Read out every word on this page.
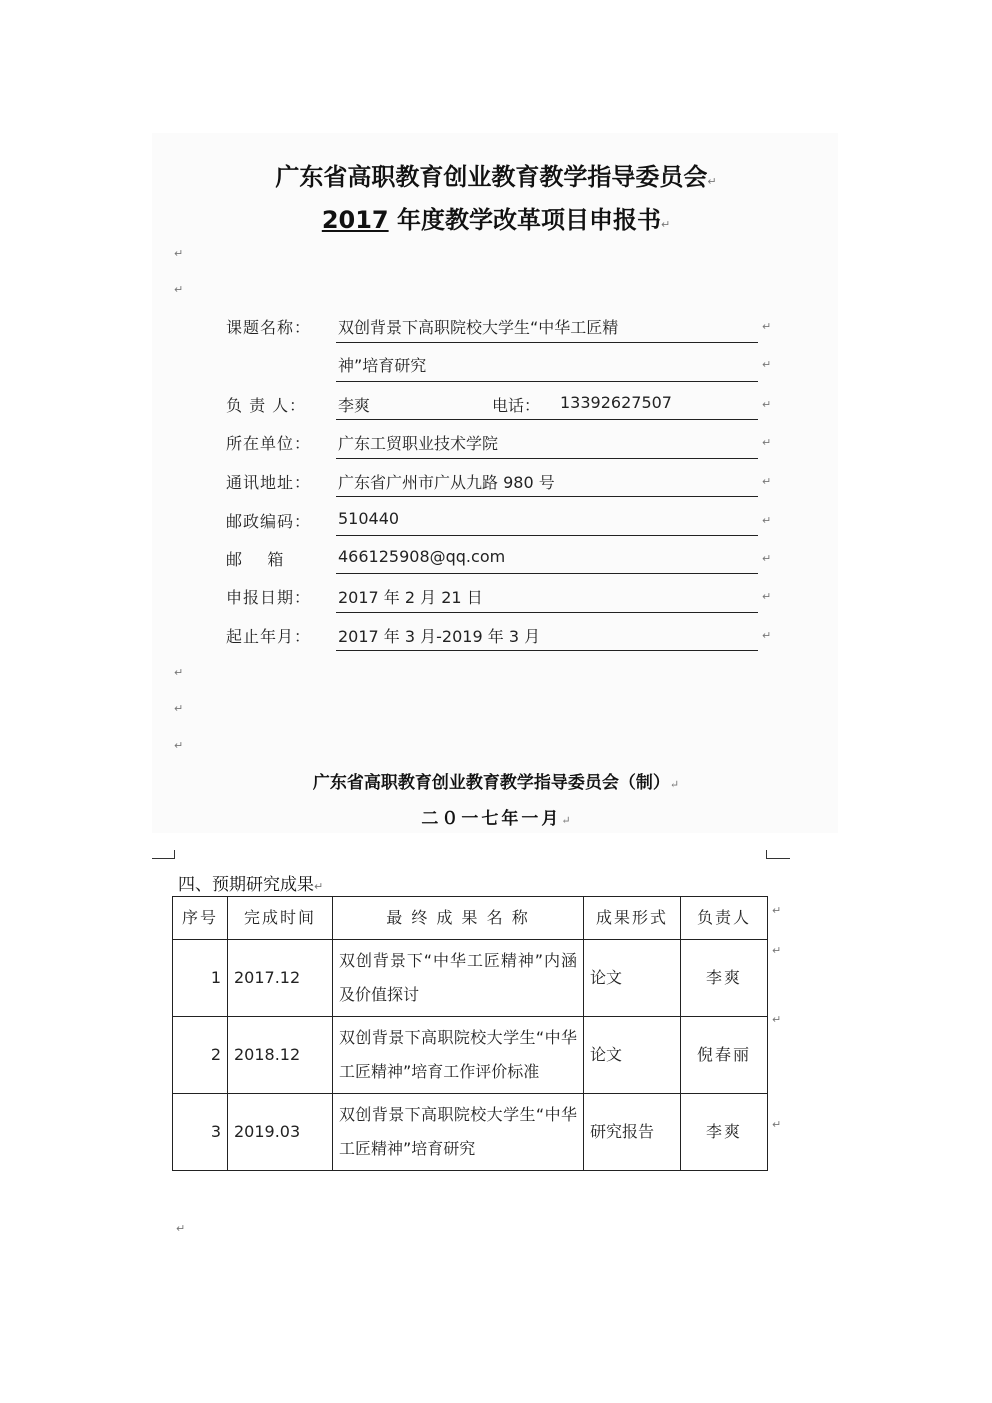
广东省高职教育创业教育教学指导委员会↵
2017 年度教学改革项目申报书↵
↵
↵
课题名称： 双创背景下高职院校大学生“中华工匠精	↵
神”培育研究	↵
负 责 人： 李爽	电话： 13392627507	↵
所在单位： 广东工贸职业技术学院	↵
通讯地址： 广东省广州市广从九路 980 号	↵
邮政编码： 510440	↵
邮    箱	466125908@qq.com	↵
申报日期： 2017 年 2 月 21 日	↵
起止年月： 2017 年 3 月-2019 年 3 月	↵
↵
↵
↵
广东省高职教育创业教育教学指导委员会（制）↵
二０一七年一月↵
四、预期研究成果↵
序号	完成时间	最 终 成 果 名 称	成果形式	负责人
1	2017.12	双创背景下“中华工匠精神”内涵及价值探讨	论文	李爽
2	2018.12	双创背景下高职院校大学生“中华工匠精神”培育工作评价标准	论文	倪春丽
3	2019.03	双创背景下高职院校大学生“中华工匠精神”培育研究	研究报告	李爽
↵
↵
↵
↵
↵
